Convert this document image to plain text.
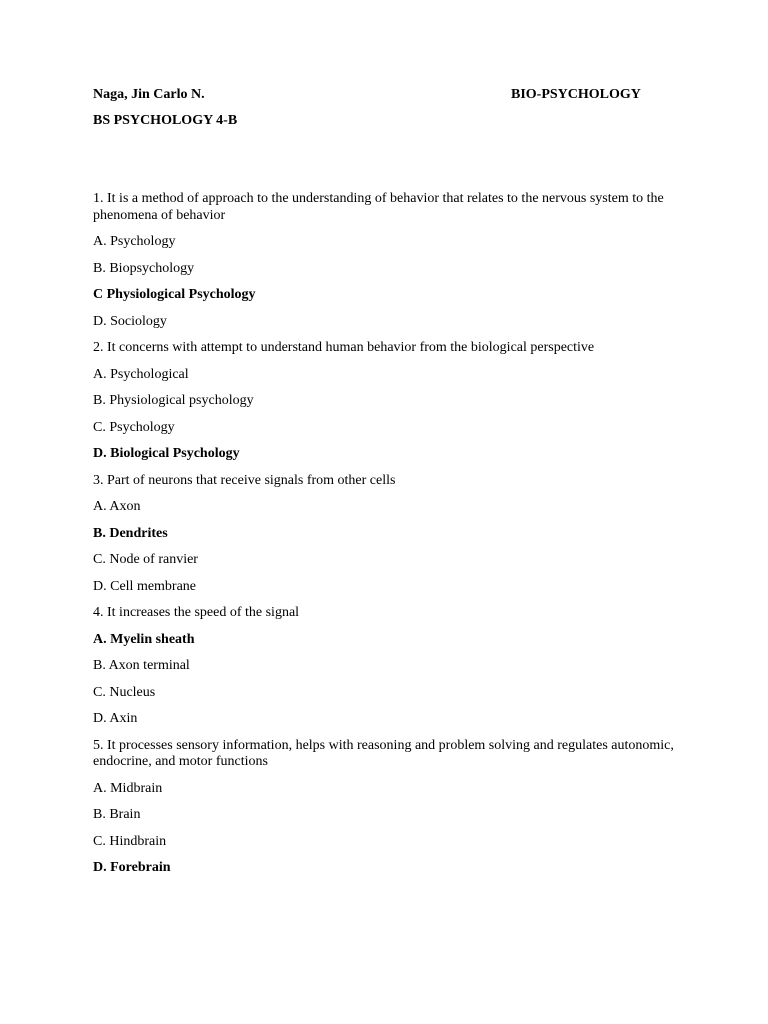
Naga, Jin Carlo N.	BIO-PSYCHOLOGY
BS PSYCHOLOGY 4-B
1. It is a method of approach to the understanding of behavior that relates to the nervous system to the phenomena of behavior
A. Psychology
B. Biopsychology
C Physiological Psychology
D. Sociology
2. It concerns with attempt to understand human behavior from the biological perspective
A. Psychological
B. Physiological psychology
C. Psychology
D. Biological Psychology
3. Part of neurons that receive signals from other cells
A. Axon
B. Dendrites
C. Node of ranvier
D. Cell membrane
4. It increases the speed of the signal
A. Myelin sheath
B. Axon terminal
C. Nucleus
D. Axin
5. It processes sensory information, helps with reasoning and problem solving and regulates autonomic, endocrine, and motor functions
A. Midbrain
B. Brain
C. Hindbrain
D. Forebrain
